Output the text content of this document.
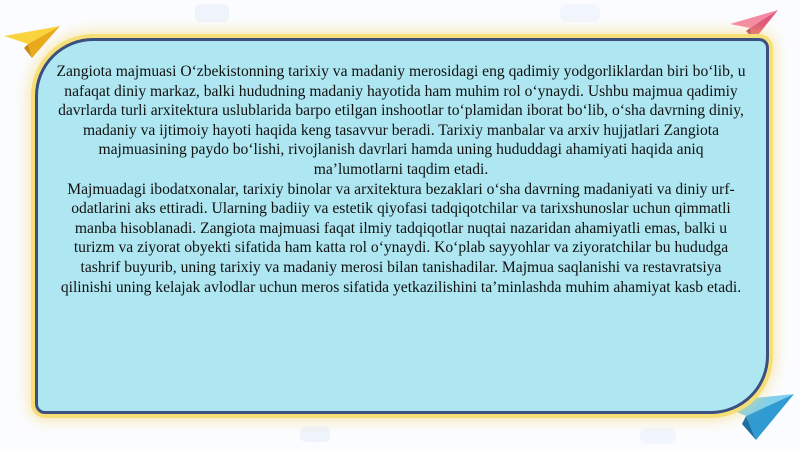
Zangiota majmuasi O‘zbekistonning tarixiy va madaniy merosidagi eng qadimiy yodgorliklardan biri bo‘lib, u nafaqat diniy markaz, balki hududning madaniy hayotida ham muhim rol o‘ynaydi. Ushbu majmua qadimiy davrlarda turli arxitektura uslublarida barpo etilgan inshootlar to‘plamidan iborat bo‘lib, o‘sha davrning diniy, madaniy va ijtimoiy hayoti haqida keng tasavvur beradi. Tarixiy manbalar va arxiv hujjatlari Zangiota majmuasining paydo bo‘lishi, rivojlanish davrlari hamda uning hududdagi ahamiyati haqida aniq ma’lumotlarni taqdim etadi.

Majmuadagi ibodatxonalar, tarixiy binolar va arxitektura bezaklari o‘sha davrning madaniyati va diniy urf-odatlarini aks ettiradi. Ularning badiiy va estetik qiyofasi tadqiqotchilar va tarixshunoslar uchun qimmatli manba hisoblanadi. Zangiota majmuasi faqat ilmiy tadqiqotlar nuqtai nazaridan ahamiyatli emas, balki u turizm va ziyorat obyekti sifatida ham katta rol o‘ynaydi. Ko‘plab sayyohlar va ziyoratchilar bu hududga tashrif buyurib, uning tarixiy va madaniy merosi bilan tanishadilar. Majmua saqlanishi va restavratsiya qilinishi uning kelajak avlodlar uchun meros sifatida yetkazilishini ta’minlashda muhim ahamiyat kasb etadi.
